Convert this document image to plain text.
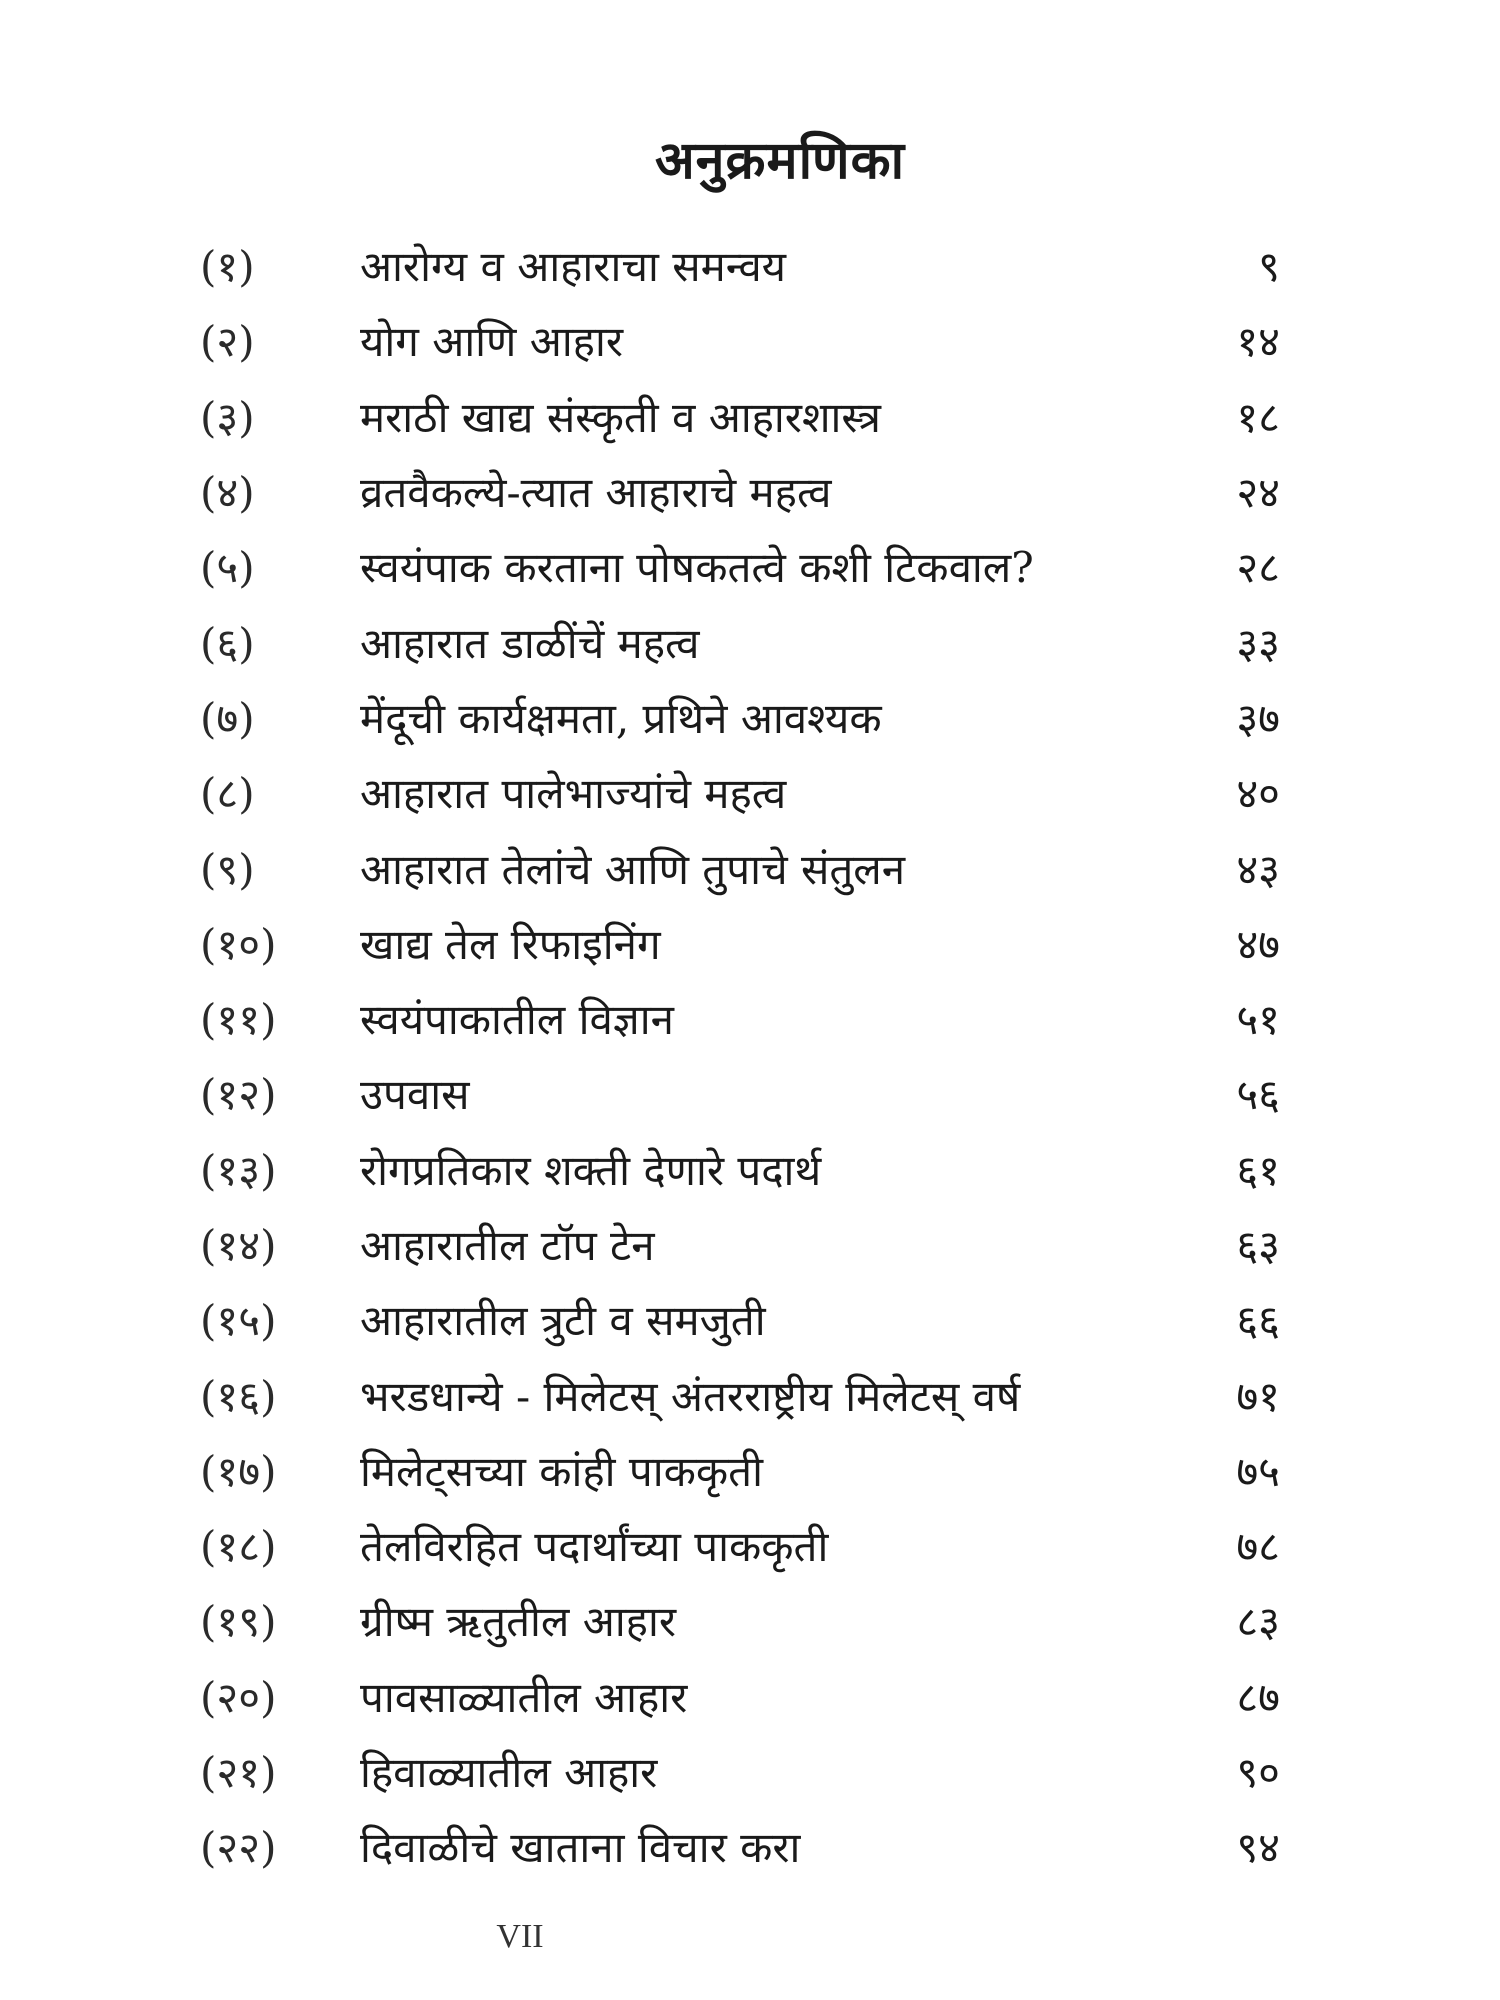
अनुक्रमणिका
(१)	आरोग्य व आहाराचा समन्वय	९
(२)	योग आणि आहार	१४
(३)	मराठी खाद्य संस्कृती व आहारशास्त्र	१८
(४)	व्रतवैकल्ये-त्यात आहाराचे महत्व	२४
(५)	स्वयंपाक करताना पोषकतत्वे कशी टिकवाल?	२८
(६)	आहारात डाळींचें महत्व	३३
(७)	मेंदूची कार्यक्षमता, प्रथिने आवश्यक	३७
(८)	आहारात पालेभाज्यांचे महत्व	४०
(९)	आहारात तेलांचे आणि तुपाचे संतुलन	४३
(१०)	खाद्य तेल रिफाइनिंग	४७
(११)	स्वयंपाकातील विज्ञान	५१
(१२)	उपवास	५६
(१३)	रोगप्रतिकार शक्ती देणारे पदार्थ	६१
(१४)	आहारातील टॉप टेन	६३
(१५)	आहारातील त्रुटी व समजुती	६६
(१६)	भरडधान्ये - मिलेटस् अंतरराष्ट्रीय मिलेटस् वर्ष	७१
(१७)	मिलेट्सच्या कांही पाककृती	७५
(१८)	तेलविरहित पदार्थांच्या पाककृती	७८
(१९)	ग्रीष्म ऋतुतील आहार	८३
(२०)	पावसाळ्यातील आहार	८७
(२१)	हिवाळ्यातील आहार	९०
(२२)	दिवाळीचे खाताना विचार करा	९४
VII
